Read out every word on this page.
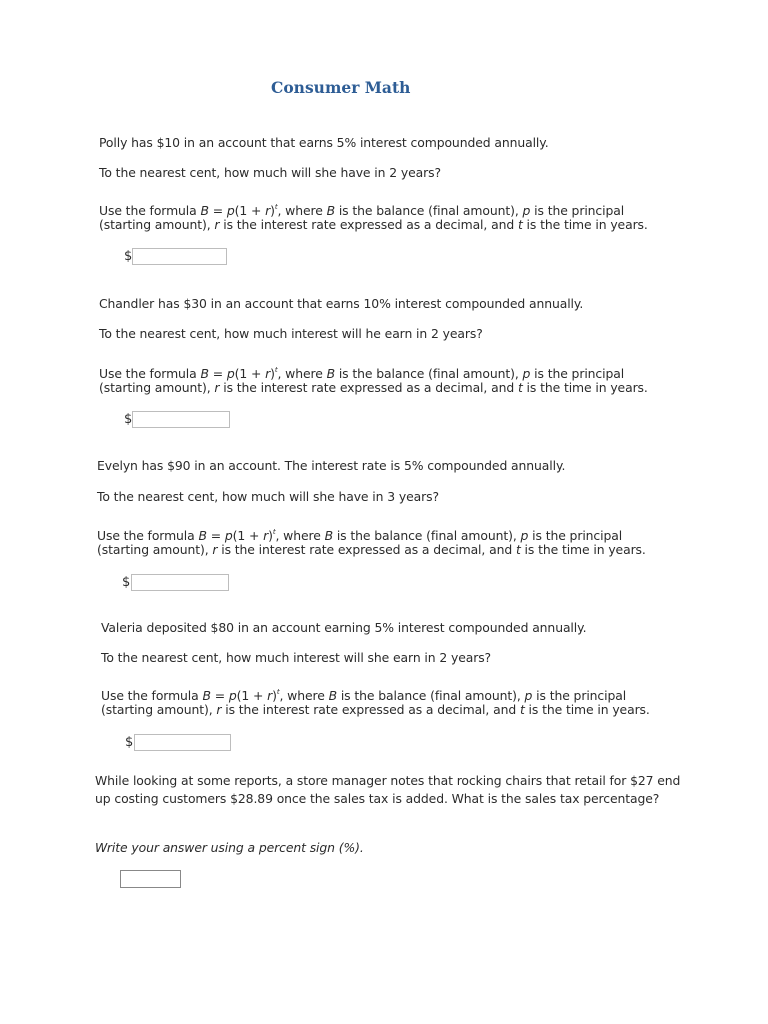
Consumer Math
Polly has $10 in an account that earns 5% interest compounded annually.
To the nearest cent, how much will she have in 2 years?
Use the formula $B = p(1 + r)^t$, where B is the balance (final amount), p is the principal
(starting amount), r is the interest rate expressed as a decimal, and t is the time in years.
$
Chandler has $30 in an account that earns 10% interest compounded annually.
To the nearest cent, how much interest will he earn in 2 years?
Use the formula $B = p(1 + r)^t$, where B is the balance (final amount), p is the principal
(starting amount), r is the interest rate expressed as a decimal, and t is the time in years.
$
Evelyn has $90 in an account. The interest rate is 5% compounded annually.
To the nearest cent, how much will she have in 3 years?
Use the formula $B = p(1 + r)^t$, where B is the balance (final amount), p is the principal
(starting amount), r is the interest rate expressed as a decimal, and t is the time in years.
$
Valeria deposited $80 in an account earning 5% interest compounded annually.
To the nearest cent, how much interest will she earn in 2 years?
Use the formula $B = p(1 + r)^t$, where B is the balance (final amount), p is the principal
(starting amount), r is the interest rate expressed as a decimal, and t is the time in years.
$
While looking at some reports, a store manager notes that rocking chairs that retail for $27 end up costing customers $28.89 once the sales tax is added. What is the sales tax percentage?
Write your answer using a percent sign (%).
